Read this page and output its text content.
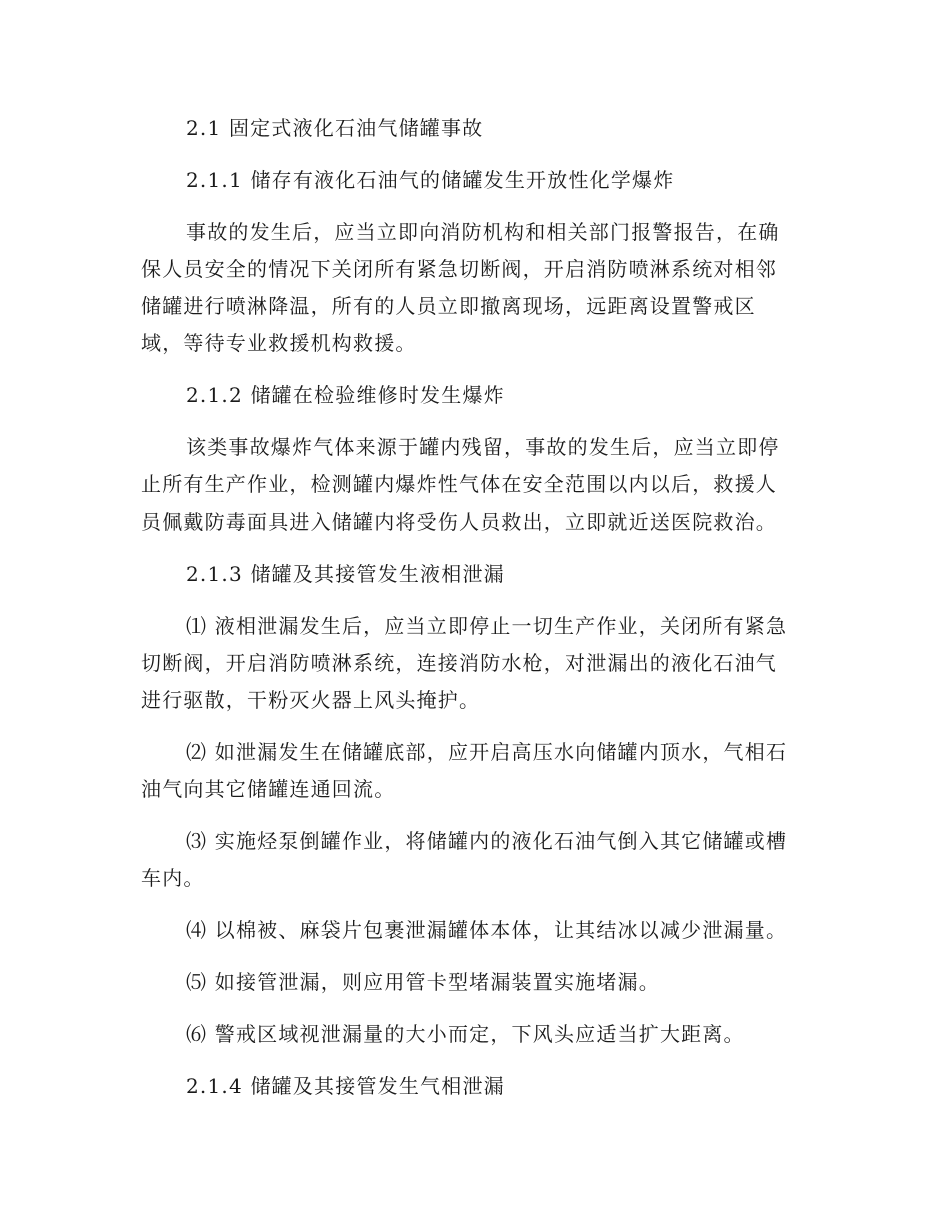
2.1 固定式液化石油气储罐事故
2.1.1 储存有液化石油气的储罐发生开放性化学爆炸
事故的发生后，应当立即向消防机构和相关部门报警报告，在确
保人员安全的情况下关闭所有紧急切断阀，开启消防喷淋系统对相邻
储罐进行喷淋降温，所有的人员立即撤离现场，远距离设置警戒区
域，等待专业救援机构救援。
2.1.2 储罐在检验维修时发生爆炸
该类事故爆炸气体来源于罐内残留，事故的发生后，应当立即停
止所有生产作业，检测罐内爆炸性气体在安全范围以内以后，救援人
员佩戴防毒面具进入储罐内将受伤人员救出，立即就近送医院救治。
2.1.3 储罐及其接管发生液相泄漏
⑴ 液相泄漏发生后，应当立即停止一切生产作业，关闭所有紧急
切断阀，开启消防喷淋系统，连接消防水枪，对泄漏出的液化石油气
进行驱散，干粉灭火器上风头掩护。
⑵ 如泄漏发生在储罐底部，应开启高压水向储罐内顶水，气相石
油气向其它储罐连通回流。
⑶ 实施烃泵倒罐作业，将储罐内的液化石油气倒入其它储罐或槽
车内。
⑷ 以棉被、麻袋片包裹泄漏罐体本体，让其结冰以减少泄漏量。
⑸ 如接管泄漏，则应用管卡型堵漏装置实施堵漏。
⑹ 警戒区域视泄漏量的大小而定，下风头应适当扩大距离。
2.1.4 储罐及其接管发生气相泄漏
